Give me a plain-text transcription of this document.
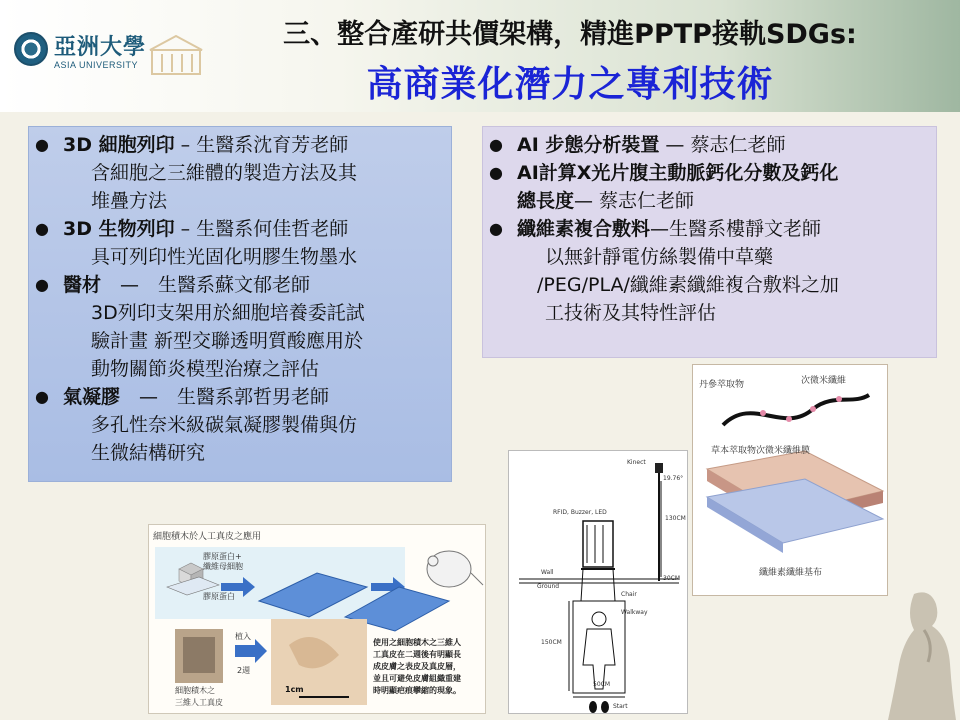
亞洲大學
ASIA UNIVERSITY
三、整合產研共價架構，精進PPTP接軌SDGs:
高商業化潛力之專利技術
● 3D 細胞列印 – 生醫系沈育芳老師
含細胞之三維體的製造方法及其
堆疊方法
● 3D 生物列印 – 生醫系何佳哲老師
具可列印性光固化明膠生物墨水
● 醫材　—　生醫系蘇文郁老師
3D列印支架用於細胞培養委託試
驗計畫 新型交聯透明質酸應用於
動物關節炎模型治療之評估
● 氣凝膠　—　生醫系郭哲男老師
多孔性奈米級碳氣凝膠製備與仿
生微結構研究
● AI 步態分析裝置 — 蔡志仁老師
● AI計算X光片腹主動脈鈣化分數及鈣化
總長度— 蔡志仁老師
● 纖維素複合敷料—生醫系樓靜文老師
以無針靜電仿絲製備中草藥
/PEG/PLA/纖維素纖維複合敷料之加
工技術及其特性評估
細胞積木於人工真皮之應用
膠原蛋白+
纖維母細胞
膠原蛋白
植入
2週
1cm
細胞積木之
三維人工真皮
使用之細胞積木之三維人
工真皮在二週後有明顯長
成皮膚之表皮及真皮層，
並且可避免皮膚組織重建
時明顯疤痕攣縮的現象。
Kinect
19.76°
RFID, Buzzer, LED
130CM
30CM
Wall
Ground
Chair
Walkway
150CM
50CM
Start
丹參萃取物	次微米纖維
草本萃取物次微米纖維膜
纖維素纖維基布
